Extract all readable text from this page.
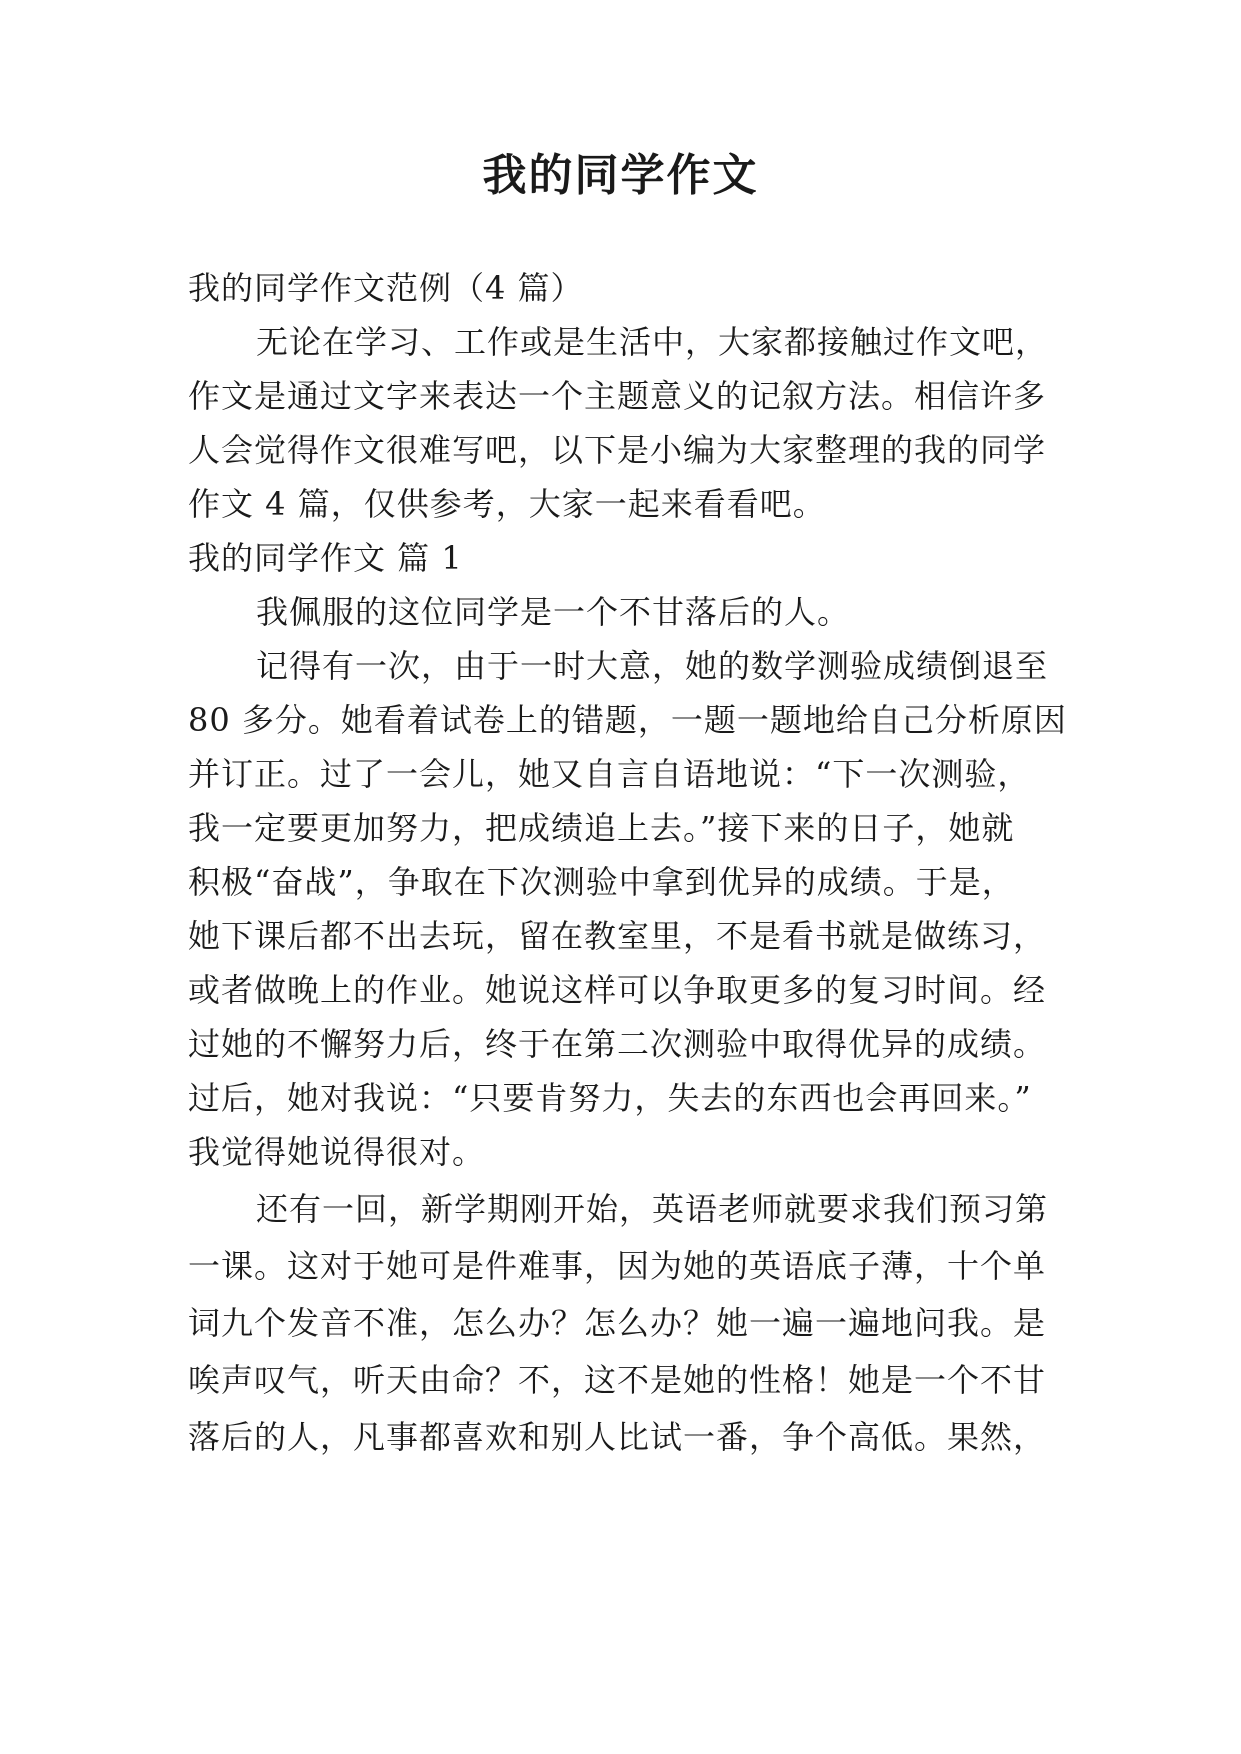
我的同学作文

我的同学作文范例（4 篇）

无论在学习、工作或是生活中，大家都接触过作文吧，

作文是通过文字来表达一个主题意义的记叙方法。相信许多

人会觉得作文很难写吧，以下是小编为大家整理的我的同学

作文 4 篇，仅供参考，大家一起来看看吧。

我的同学作文 篇 1

我佩服的这位同学是一个不甘落后的人。

记得有一次，由于一时大意，她的数学测验成绩倒退至

80 多分。她看着试卷上的错题，一题一题地给自己分析原因

并订正。过了一会儿，她又自言自语地说：“下一次测验，

我一定要更加努力，把成绩追上去。”接下来的日子，她就

积极“奋战”，争取在下次测验中拿到优异的成绩。于是，

她下课后都不出去玩，留在教室里，不是看书就是做练习，

或者做晚上的作业。她说这样可以争取更多的复习时间。经

过她的不懈努力后，终于在第二次测验中取得优异的成绩。

过后，她对我说：“只要肯努力，失去的东西也会再回来。”

我觉得她说得很对。

还有一回，新学期刚开始，英语老师就要求我们预习第

一课。这对于她可是件难事，因为她的英语底子薄，十个单

词九个发音不准，怎么办？怎么办？她一遍一遍地问我。是

唉声叹气，听天由命？不，这不是她的性格！她是一个不甘

落后的人，凡事都喜欢和别人比试一番，争个高低。果然，
